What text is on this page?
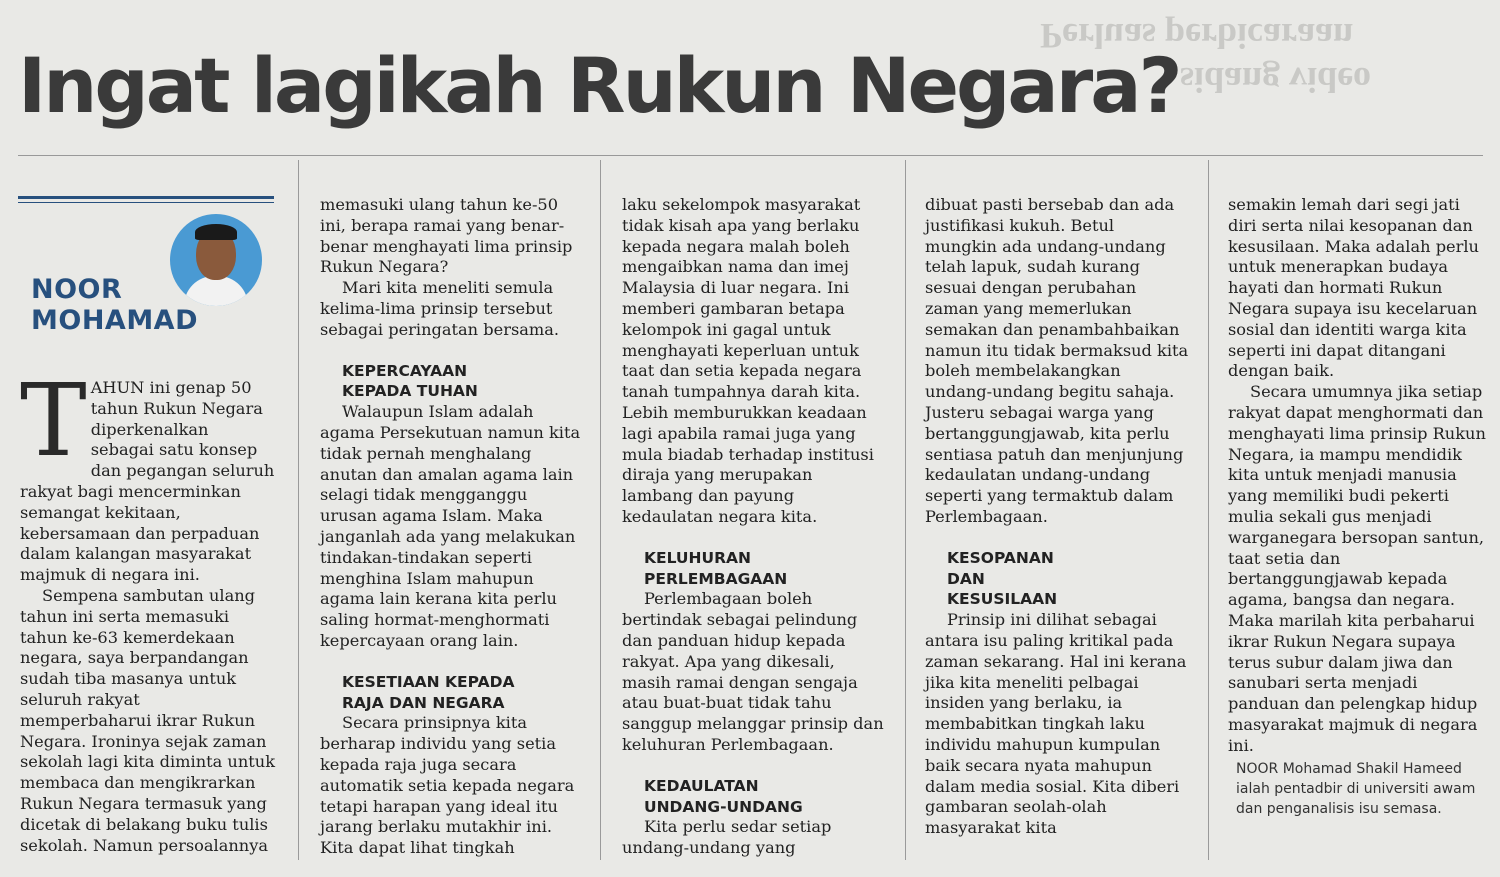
Perluas perbicaraan
sidang video
Ingat lagikah Rukun Negara?
NOOR
MOHAMAD
T AHUN ini genap 50 tahun Rukun Negara diperkenalkan sebagai satu konsep dan pegangan seluruh rakyat bagi mencerminkan semangat kekitaan, kebersamaan dan perpaduan dalam kalangan masyarakat majmuk di negara ini.

Sempena sambutan ulang tahun ini serta memasuki tahun ke-63 kemerdekaan negara, saya berpandangan sudah tiba masanya untuk seluruh rakyat memperbaharui ikrar Rukun Negara. Ironinya sejak zaman sekolah lagi kita diminta untuk membaca dan mengikrarkan Rukun Negara termasuk yang dicetak di belakang buku tulis sekolah. Namun persoalannya

memasuki ulang tahun ke-50 ini, berapa ramai yang benar-benar menghayati lima prinsip Rukun Negara?

Mari kita meneliti semula kelima-lima prinsip tersebut sebagai peringatan bersama.

KEPERCAYAAN KEPADA TUHAN

Walaupun Islam adalah agama Persekutuan namun kita tidak pernah menghalang anutan dan amalan agama lain selagi tidak mengganggu urusan agama Islam. Maka janganlah ada yang melakukan tindakan-tindakan seperti menghina Islam mahupun agama lain kerana kita perlu saling hormat-menghormati kepercayaan orang lain.

KESETIAAN KEPADA RAJA DAN NEGARA

Secara prinsipnya kita berharap individu yang setia kepada raja juga secara automatik setia kepada negara tetapi harapan yang ideal itu jarang berlaku mutakhir ini. Kita dapat lihat tingkah

laku sekelompok masyarakat tidak kisah apa yang berlaku kepada negara malah boleh mengaibkan nama dan imej Malaysia di luar negara. Ini memberi gambaran betapa kelompok ini gagal untuk menghayati keperluan untuk taat dan setia kepada negara tanah tumpahnya darah kita. Lebih memburukkan keadaan lagi apabila ramai juga yang mula biadab terhadap institusi diraja yang merupakan lambang dan payung kedaulatan negara kita.

KELUHURAN PERLEMBAGAAN

Perlembagaan boleh bertindak sebagai pelindung dan panduan hidup kepada rakyat. Apa yang dikesali, masih ramai dengan sengaja atau buat-buat tidak tahu sanggup melanggar prinsip dan keluhuran Perlembagaan.

KEDAULATAN UNDANG-UNDANG

Kita perlu sedar setiap undang-undang yang

dibuat pasti bersebab dan ada justifikasi kukuh. Betul mungkin ada undang-undang telah lapuk, sudah kurang sesuai dengan perubahan zaman yang memerlukan semakan dan penambahbaikan namun itu tidak bermaksud kita boleh membelakangkan undang-undang begitu sahaja. Justeru sebagai warga yang bertanggungjawab, kita perlu sentiasa patuh dan menjunjung kedaulatan undang-undang seperti yang termaktub dalam Perlembagaan.

KESOPANAN DAN KESUSILAAN

Prinsip ini dilihat sebagai antara isu paling kritikal pada zaman sekarang. Hal ini kerana jika kita meneliti pelbagai insiden yang berlaku, ia membabitkan tingkah laku individu mahupun kumpulan baik secara nyata mahupun dalam media sosial. Kita diberi gambaran seolah-olah masyarakat kita

semakin lemah dari segi jati diri serta nilai kesopanan dan kesusilaan. Maka adalah perlu untuk menerapkan budaya hayati dan hormati Rukun Negara supaya isu kecelaruan sosial dan identiti warga kita seperti ini dapat ditangani dengan baik.

Secara umumnya jika setiap rakyat dapat menghormati dan menghayati lima prinsip Rukun Negara, ia mampu mendidik kita untuk menjadi manusia yang memiliki budi pekerti mulia sekali gus menjadi warganegara bersopan santun, taat setia dan bertanggungjawab kepada agama, bangsa dan negara. Maka marilah kita perbaharui ikrar Rukun Negara supaya terus subur dalam jiwa dan sanubari serta menjadi panduan dan pelengkap hidup masyarakat majmuk di negara ini.

NOOR Mohamad Shakil Hameed
ialah pentadbir di universiti awam dan penganalisis isu semasa.
